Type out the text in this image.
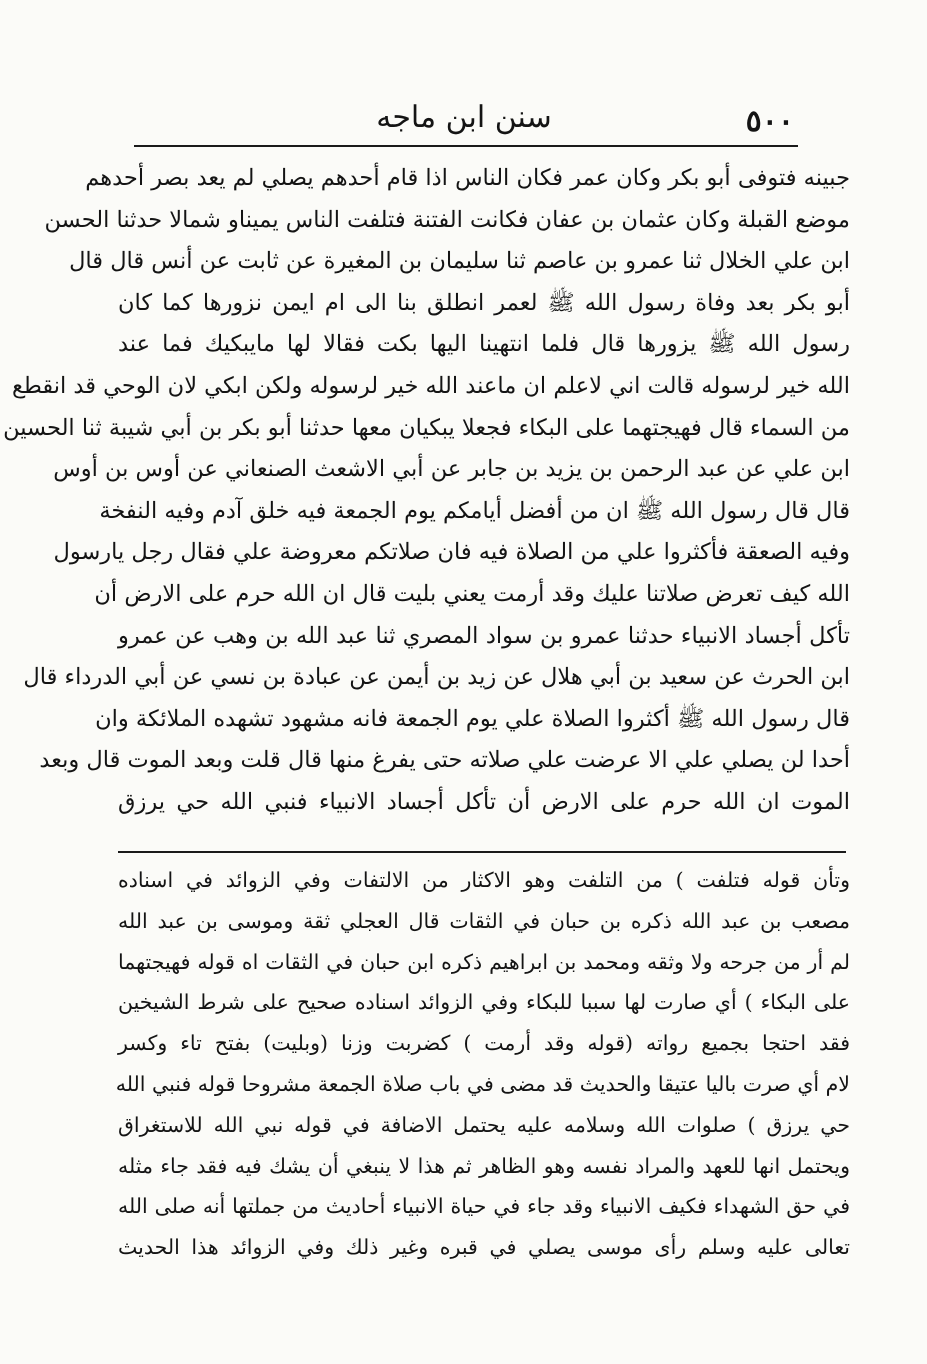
٥٠٠
سنن ابن ماجه
جبينه فتوفى أبو بكر وكان عمر فكان الناس اذا قام أحدهم يصلي لم يعد بصر أحدهم
موضع القبلة وكان عثمان بن عفان فكانت الفتنة فتلفت الناس يميناو شمالا حدثنا الحسن
ابن علي الخلال ثنا عمرو بن عاصم ثنا سليمان بن المغيرة عن ثابت عن أنس قال قال
أبو بكر بعد وفاة رسول الله ﷺ لعمر انطلق بنا الى ام ايمن نزورها كما كان
رسول الله ﷺ يزورها قال فلما انتهينا اليها بكت فقالا لها مايبكيك فما عند
الله خير لرسوله قالت اني لاعلم ان ماعند الله خير لرسوله ولكن ابكي لان الوحي قد انقطع
من السماء قال فهيجتهما على البكاء فجعلا يبكيان معها حدثنا أبو بكر بن أبي شيبة ثنا الحسين
ابن علي عن عبد الرحمن بن يزيد بن جابر عن أبي الاشعث الصنعاني عن أوس بن أوس
قال قال رسول الله ﷺ ان من أفضل أيامكم يوم الجمعة فيه خلق آدم وفيه النفخة
وفيه الصعقة فأكثروا علي من الصلاة فيه فان صلاتكم معروضة علي فقال رجل يارسول
الله كيف تعرض صلاتنا عليك وقد أرمت يعني بليت قال ان الله حرم على الارض أن
تأكل أجساد الانبياء حدثنا عمرو بن سواد المصري ثنا عبد الله بن وهب عن عمرو
ابن الحرث عن سعيد بن أبي هلال عن زيد بن أيمن عن عبادة بن نسي عن أبي الدرداء قال
قال رسول الله ﷺ أكثروا الصلاة علي يوم الجمعة فانه مشهود تشهده الملائكة وان
أحدا لن يصلي علي الا عرضت علي صلاته حتى يفرغ منها قال قلت وبعد الموت قال وبعد
الموت ان الله حرم على الارض أن تأكل أجساد الانبياء فنبي الله حي يرزق
وتأن قوله فتلفت ) من التلفت وهو الاكثار من الالتفات وفي الزوائد في اسناده
مصعب بن عبد الله ذكره بن حبان في الثقات قال العجلي ثقة وموسى بن عبد الله
لم أر من جرحه ولا وثقه ومحمد بن ابراهيم ذكره ابن حبان في الثقات اه قوله فهيجتهما
على البكاء ) أي صارت لها سببا للبكاء وفي الزوائد اسناده صحيح على شرط الشيخين
فقد احتجا بجميع رواته (قوله وقد أرمت ) كضربت وزنا (وبليت) بفتح تاء وكسر
لام أي صرت باليا عتيقا والحديث قد مضى في باب صلاة الجمعة مشروحا قوله فنبي الله
حي يرزق ) صلوات الله وسلامه عليه يحتمل الاضافة في قوله نبي الله للاستغراق
ويحتمل انها للعهد والمراد نفسه وهو الظاهر ثم هذا لا ينبغي أن يشك فيه فقد جاء مثله
في حق الشهداء فكيف الانبياء وقد جاء في حياة الانبياء أحاديث من جملتها أنه صلى الله
تعالى عليه وسلم رأى موسى يصلي في قبره وغير ذلك وفي الزوائد هذا الحديث
